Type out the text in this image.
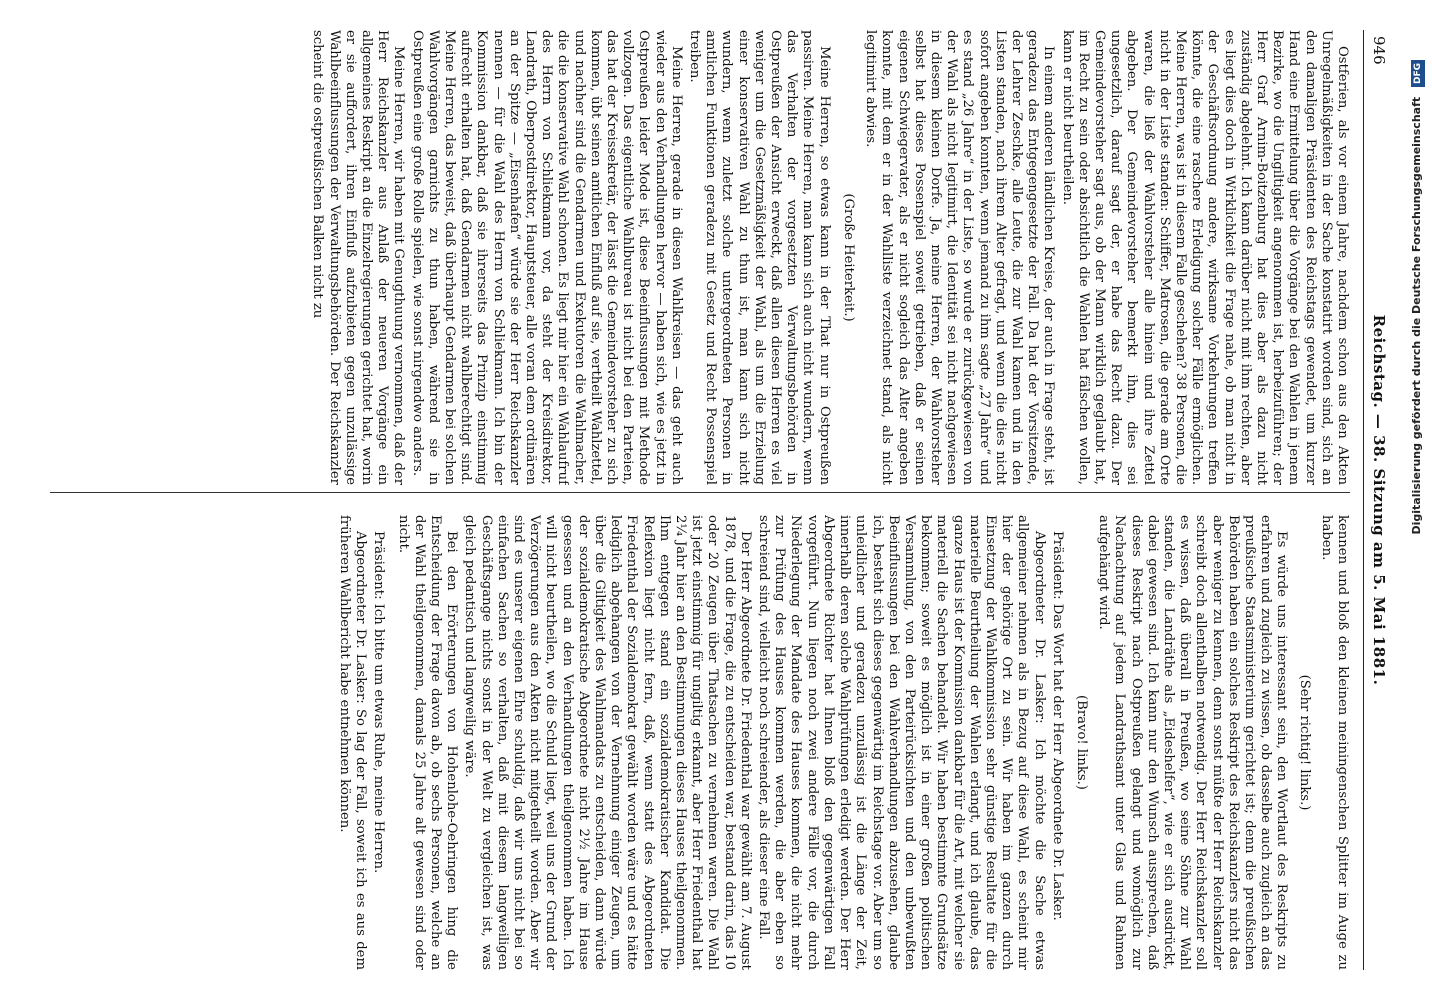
946
Reichstag. — 38. Sitzung am 5. Mai 1881.

Ostferien, als vor einem Jahre, nachdem schon aus den Akten Unregelmäßigkeiten in der Sache konstatirt worden sind, sich an den damaligen Präsidenten des Reichstags gewendet, um kurzer Hand eine Ermittelung über die Vorgänge bei den Wahlen in jenem Bezirke, wo die Ungiltigkeit angenommen ist, herbeizuführen; der Herr Graf Arnim-Boitzenburg hat dies aber als dazu nicht zuständig abgelehnt. Ich kann darüber nicht mit ihm rechten, aber es liegt dies doch in Wirklichkeit die Frage nahe, ob man nicht in der Geschäftsordnung andere, wirksame Vorkehrungen treffen könnte, die eine raschere Erledigung solcher Fälle ermöglichen. Meine Herren, was ist in diesem Falle geschehen? 38 Personen, die nicht in der Liste standen: Schiffer, Matrosen, die gerade am Orte waren, die ließ der Wahlvorsteher alle hinein und ihre Zettel abgeben. Der Gemeindevorsteher bemerkt ihm, dies sei ungesetzlich, darauf sagt der, er habe das Recht dazu. Der Gemeindevorsteher sagt aus, ob der Mann wirklich geglaubt hat, im Recht zu sein oder absichtlich die Wahlen hat fälschen wollen, kann er nicht beurtheilen.

In einem anderen ländlichen Kreise, der auch in Frage steht, ist geradezu das Entgegengesetzte der Fall. Da hat der Vorsitzende, der Lehrer Zeschke, alle Leute, die zur Wahl kamen und in den Listen standen, nach ihrem Alter gefragt, und wenn die dies nicht sofort angeben konnten, wenn jemand zu ihm sagte „27 Jahre“ und es stand „26 Jahre“ in der Liste, so wurde er zurückgewiesen von der Wahl als nicht legitimirt, die Identität sei nicht nachgewiesen in diesem kleinen Dorfe. Ja, meine Herren, der Wahlvorsteher selbst hat dieses Possenspiel soweit getrieben, daß er seinen eigenen Schwiegervater, als er nicht sogleich das Alter angeben konnte, mit dem er in der Wahlliste verzeichnet stand, als nicht legitimirt abwies.

(Große Heiterkeit.)

Meine Herren, so etwas kann in der That nur in Ostpreußen passiren. Meine Herren, man kann sich auch nicht wundern, wenn das Verhalten der vorgesetzten Verwaltungsbehörden in Ostpreußen der Ansicht erweckt, daß allen diesen Herren es viel weniger um die Gesetzmäßigkeit der Wahl, als um die Erzielung einer konservativen Wahl zu thun ist, man kann sich nicht wundern, wenn zuletzt solche untergeordneten Personen in amtlichen Funktionen geradezu mit Gesetz und Recht Possenspiel treiben.

Meine Herren, gerade in diesen Wahlkreisen — das geht auch wieder aus den Verhandlungen hervor — haben sich, wie es jetzt in Ostpreußen leider Mode ist, diese Beeinflussungen mit Methode vollzogen. Das eigentliche Wahlbureau ist nicht bei den Parteien, das hat der Kreissekretär, der lässt die Gemeindevorsteher zu sich kommen, übt seinen amtlichen Einfluß auf sie, vertheilt Wahlzettel, und nachher sind die Gendarmen und Exekutoren die Wahlmacher, die die konservative Wahl schonen. Es liegt mir hier ein Wahlaufruf des Herrn von Schliekmann vor, da steht der Kreisdirektor, Landrath, Oberpostdirektor, Hauptsteuer, alle voran dem ordinären an der Spitze — „Eisenhafen“ würde sie der Herr Reichskanzler nennen — für die Wahl des Herrn von Schliekmann. Ich bin der Kommission dankbar, daß sie ihrerseits das Prinzip einstimmig aufrecht erhalten hat, daß Gendarmen nicht wahlberechtigt sind. Meine Herren, das beweist, daß überhaupt Gendarmen bei solchen Wahlvorgängen garnichts zu thun haben, während sie in Ostpreußen eine große Rolle spielen, wie sonst nirgendwo anders.

Meine Herren, wir haben mit Genugthuung vernommen, daß der Herr Reichskanzler aus Anlaß der neueren Vorgänge ein allgemeines Reskript an die Einzelregierungen gerichtet hat, worin er sie auffordert, ihren Einfluß aufzubieten gegen unzulässige Wahlbeeinflussungen der Verwaltungsbehörden. Der Reichskanzler scheint die ostpreußischen Balken nicht zu

kennen und bloß den kleinen meiningenschen Splitter im Auge zu haben.

(Sehr richtig! links.)

Es würde uns interessant sein, den Wortlaut des Reskripts zu erfahren und zugleich zu wissen, ob dasselbe auch zugleich an das preußische Staatsministerium gerichtet ist; denn die preußischen Behörden haben ein solches Reskript des Reichskanzlers nicht das aber weniger zu kennen, denn sonst müßte der Herr Reichskanzler schreibt doch allenthalben notwendig. Der Herr Reichskanzler soll es wissen, daß überall in Preußen, wo seine Söhne zur Wahl standen, die Landräthe als „Eideshelfer“, wie er sich ausdrückt, dabei gewesen sind. Ich kann nur den Wunsch aussprechen, daß dieses Reskript nach Ostpreußen gelangt und womöglich zur Nachachtung auf jedem Landrathsamt unter Glas und Rahmen aufgehängt wird.

(Bravo! links.)

Präsident: Das Wort hat der Herr Abgeordnete Dr. Lasker.

Abgeordneter Dr. Lasker: Ich möchte die Sache etwas allgemeiner nehmen als in Bezug auf diese Wahl, es scheint mir hier der gehörige Ort zu sein. Wir haben im ganzen durch Einsetzung der Wahlkommission sehr günstige Resultate für die materielle Beurtheilung der Wahlen erlangt, und ich glaube, das ganze Haus ist der Kommission dankbar für die Art, mit welcher sie materiell die Sachen behandelt. Wir haben bestimmte Grundsätze bekommen; soweit es möglich ist in einer großen politischen Versammlung, von den Parteirücksichten und den unbewußten Beeinflussungen bei den Wahlverhandlungen abzusehen, glaube ich, besteht sich dieses gegenwärtig im Reichstage vor. Aber um so unleidlicher und geradezu unzulässig ist die Länge der Zeit, innerhalb deren solche Wahlprüfungen erledigt werden. Der Herr Abgeordnete Richter hat Ihnen bloß den gegenwärtigen Fall vorgeführt. Nun liegen noch zwei andere Fälle vor, die durch Niederlegung der Mandate des Hauses kommen, die nicht mehr zur Prüfung des Hauses kommen werden, die aber eben so schreiend sind, vielleicht noch schreiender, als dieser eine Fall.

Der Herr Abgeordnete Dr. Friedenthal war gewählt am 7. August 1878, und die Frage, die zu entscheiden war, bestand darin, das 10 oder 20 Zeugen über Thatsachen zu vernehmen waren. Die Wahl ist jetzt einstimmig für ungiltig erkannt, aber Herr Friedenthal hat 2¼ Jahr hier an den Bestimmungen dieses Hauses theilgenommen. Ihm entgegen stand ein sozialdemokratischer Kandidat. Die Reflexion liegt nicht fern, daß, wenn statt des Abgeordneten Friedenthal der Sozialdemokrat gewählt worden wäre und es hätte lediglich abgehangen von der Vernehmung einiger Zeugen, um über die Giltigkeit des Wahlmandats zu entscheiden, dann würde der sozialdemokratische Abgeordnete nicht 2½ Jahre im Hause gesessen und an den Verhandlungen theilgenommen haben. Ich will nicht beurtheilen, wo die Schuld liegt, weil uns der Grund der Verzögerungen aus den Akten nicht mitgetheilt worden. Aber wir sind es unserer eigenen Ehre schuldig, daß wir uns nicht bei so einfachen Sachen so verhalten, daß mit diesem langweiligen Geschäftsgange nichts sonst in der Welt zu vergleichen ist, was gleich pedantisch und langweilig wäre.

Bei den Erörterungen von Hohenlohe-Oehringen hing die Entscheidung der Frage davon ab, ob sechs Personen, welche an der Wahl theilgenommen, damals 25 Jahre alt gewesen sind oder nicht.

Präsident: Ich bitte um etwas Ruhe, meine Herren.

Abgeordneter Dr. Lasker: So lag der Fall, soweit ich es aus dem früheren Wahlbericht habe entnehmen können.

Digitalisierung gefördert durch die Deutsche Forschungsgemeinschaft DFG
